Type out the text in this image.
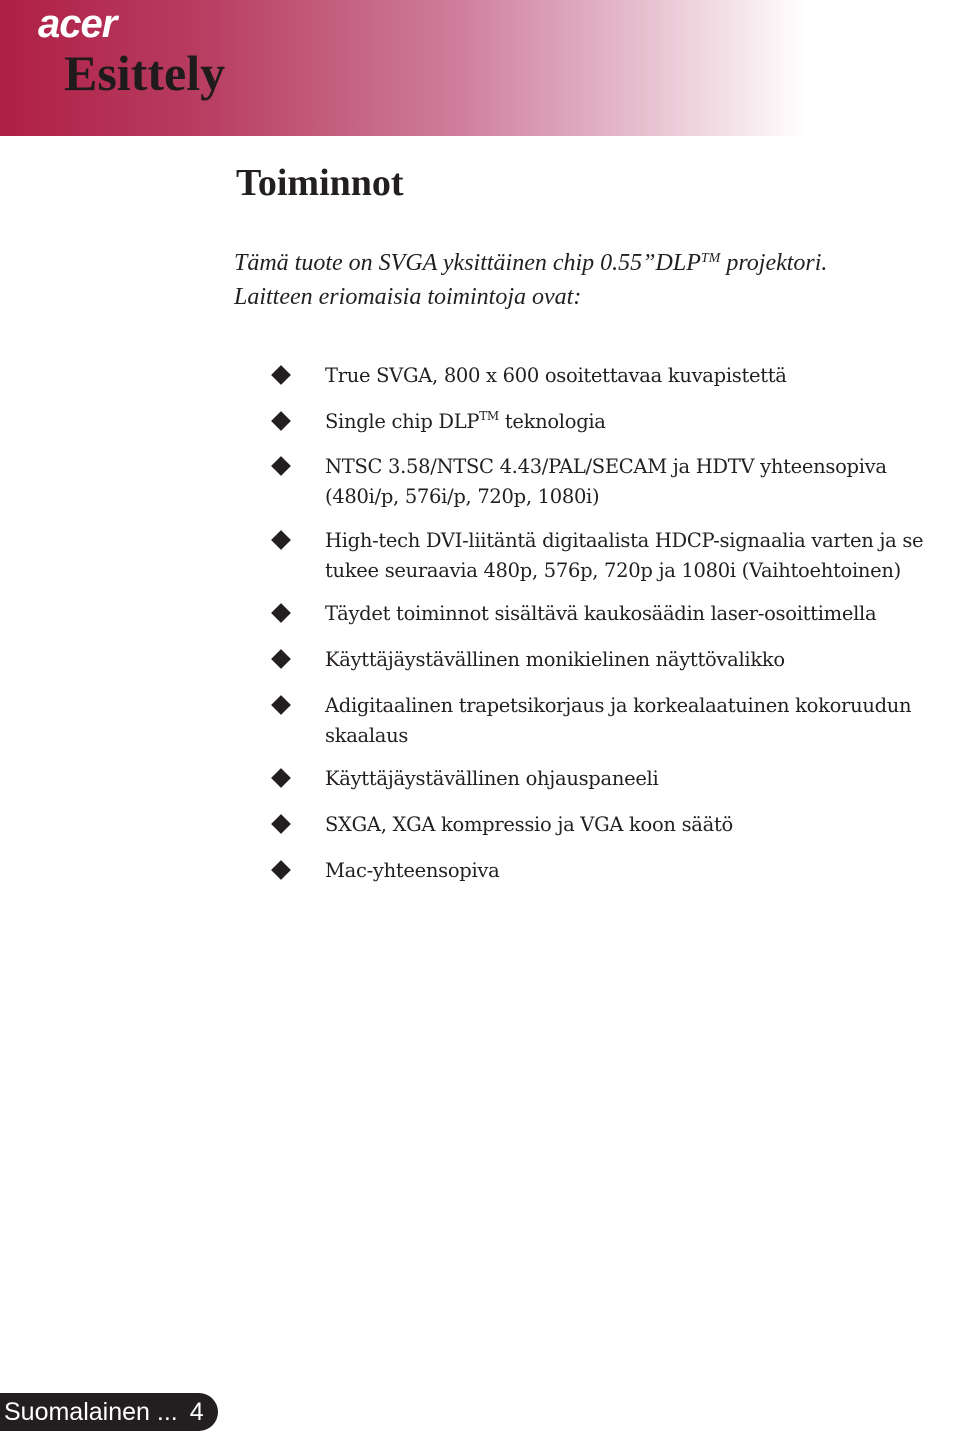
acer
Esittely
Toiminnot
Tämä tuote on SVGA yksittäinen chip 0.55”DLP™ projektori.
Laitteen eriomaisia toimintoja ovat:
True SVGA, 800 x 600 osoitettavaa kuvapistettä
Single chip DLP™ teknologia
NTSC 3.58/NTSC 4.43/PAL/SECAM ja HDTV yhteensopiva (480i/p, 576i/p, 720p, 1080i)
High-tech DVI-liitäntä digitaalista HDCP-signaalia varten ja se tukee seuraavia 480p, 576p, 720p ja 1080i (Vaihtoehtoinen)
Täydet toiminnot sisältävä kaukosäädin laser-osoittimella
Käyttäjäystävällinen monikielinen näyttövalikko
Adigitaalinen trapetsikorjaus ja korkealaatuinen kokoruudun skaalaus
Käyttäjäystävällinen ohjauspaneeli
SXGA, XGA kompressio ja VGA koon säätö
Mac-yhteensopiva
Suomalainen ... 4
